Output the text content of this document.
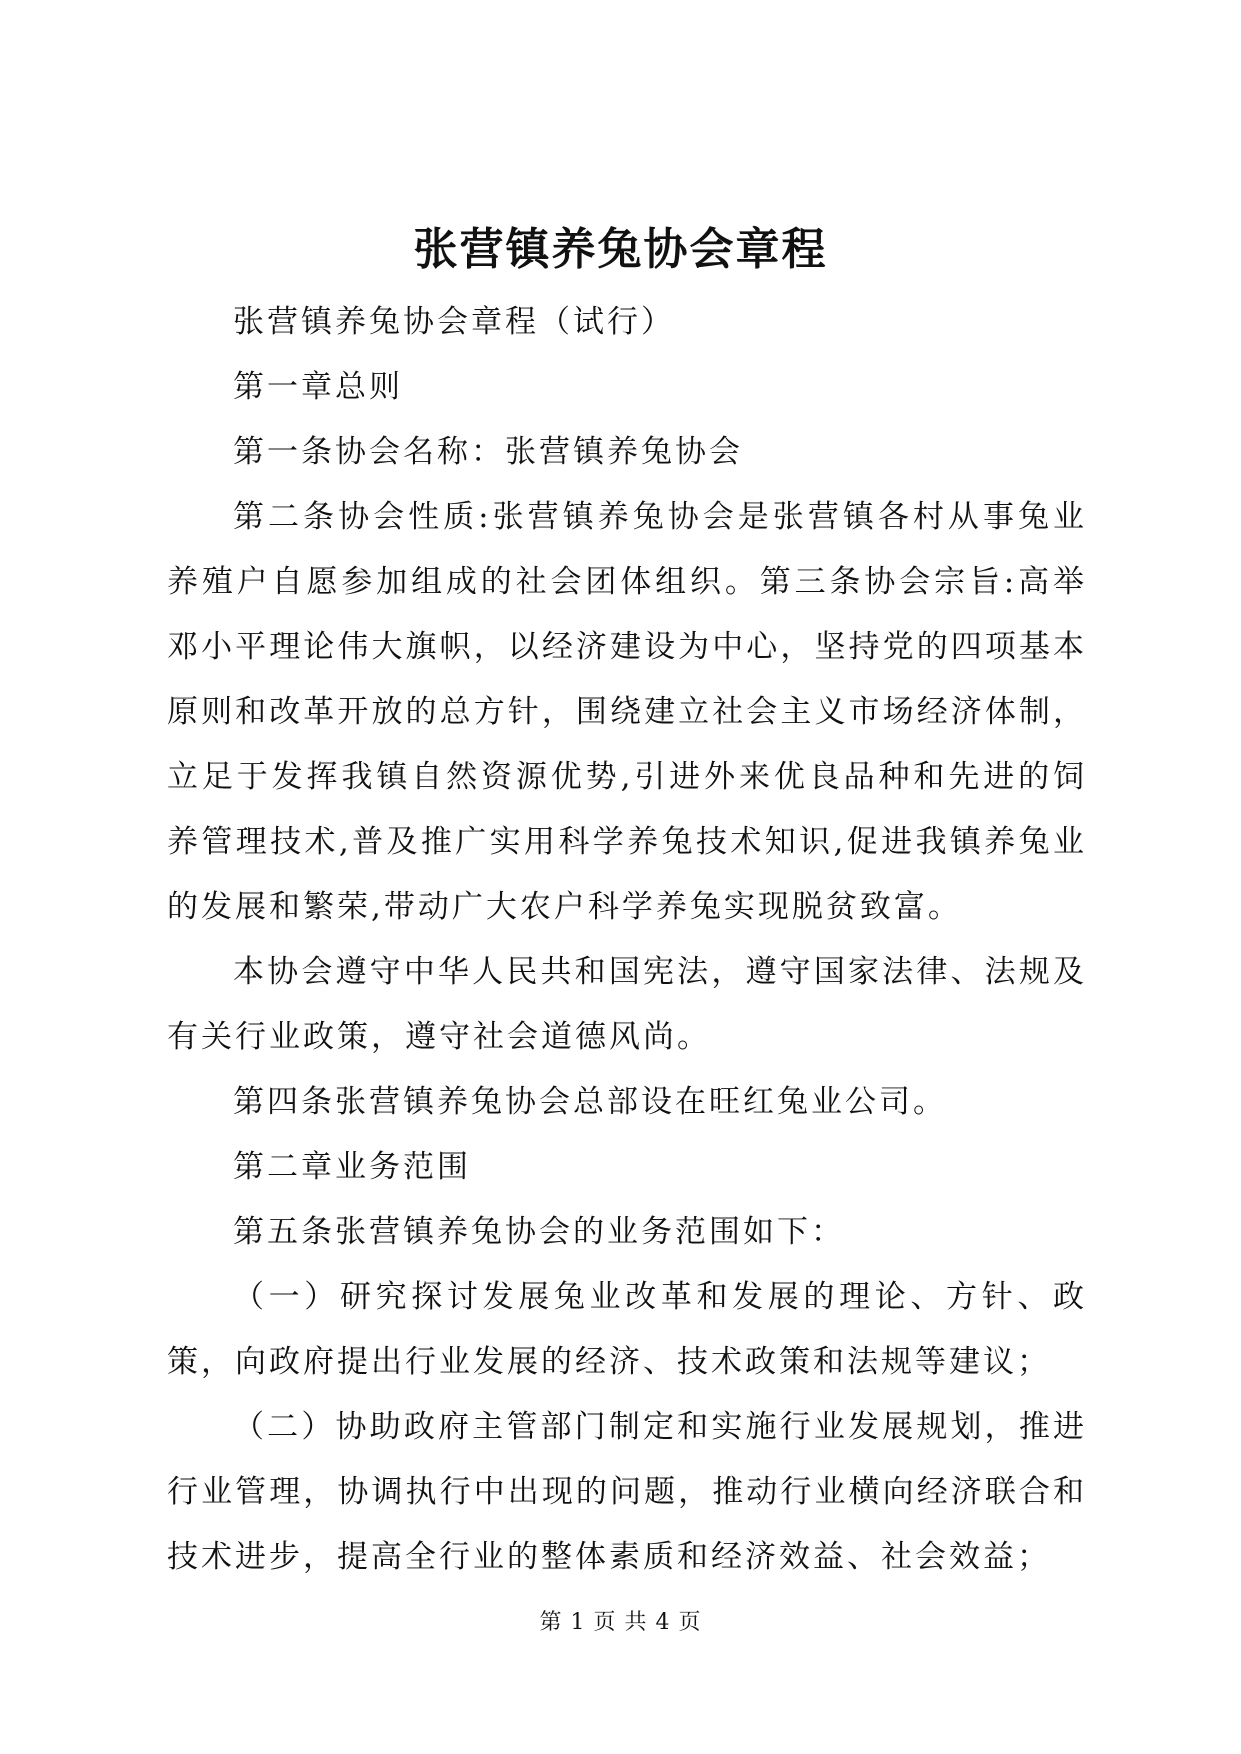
张营镇养兔协会章程

张营镇养兔协会章程（试行）

第一章总则

第一条协会名称：张营镇养兔协会

第二条协会性质:张营镇养兔协会是张营镇各村从事兔业养殖户自愿参加组成的社会团体组织。第三条协会宗旨:高举邓小平理论伟大旗帜，以经济建设为中心，坚持党的四项基本原则和改革开放的总方针，围绕建立社会主义市场经济体制，立足于发挥我镇自然资源优势,引进外来优良品种和先进的饲养管理技术,普及推广实用科学养兔技术知识,促进我镇养兔业的发展和繁荣,带动广大农户科学养兔实现脱贫致富。

本协会遵守中华人民共和国宪法，遵守国家法律、法规及有关行业政策，遵守社会道德风尚。

第四条张营镇养兔协会总部设在旺红兔业公司。

第二章业务范围

第五条张营镇养兔协会的业务范围如下：

（一）研究探讨发展兔业改革和发展的理论、方针、政策，向政府提出行业发展的经济、技术政策和法规等建议；

（二）协助政府主管部门制定和实施行业发展规划，推进行业管理，协调执行中出现的问题，推动行业横向经济联合和技术进步，提高全行业的整体素质和经济效益、社会效益；

第 1 页 共 4 页
